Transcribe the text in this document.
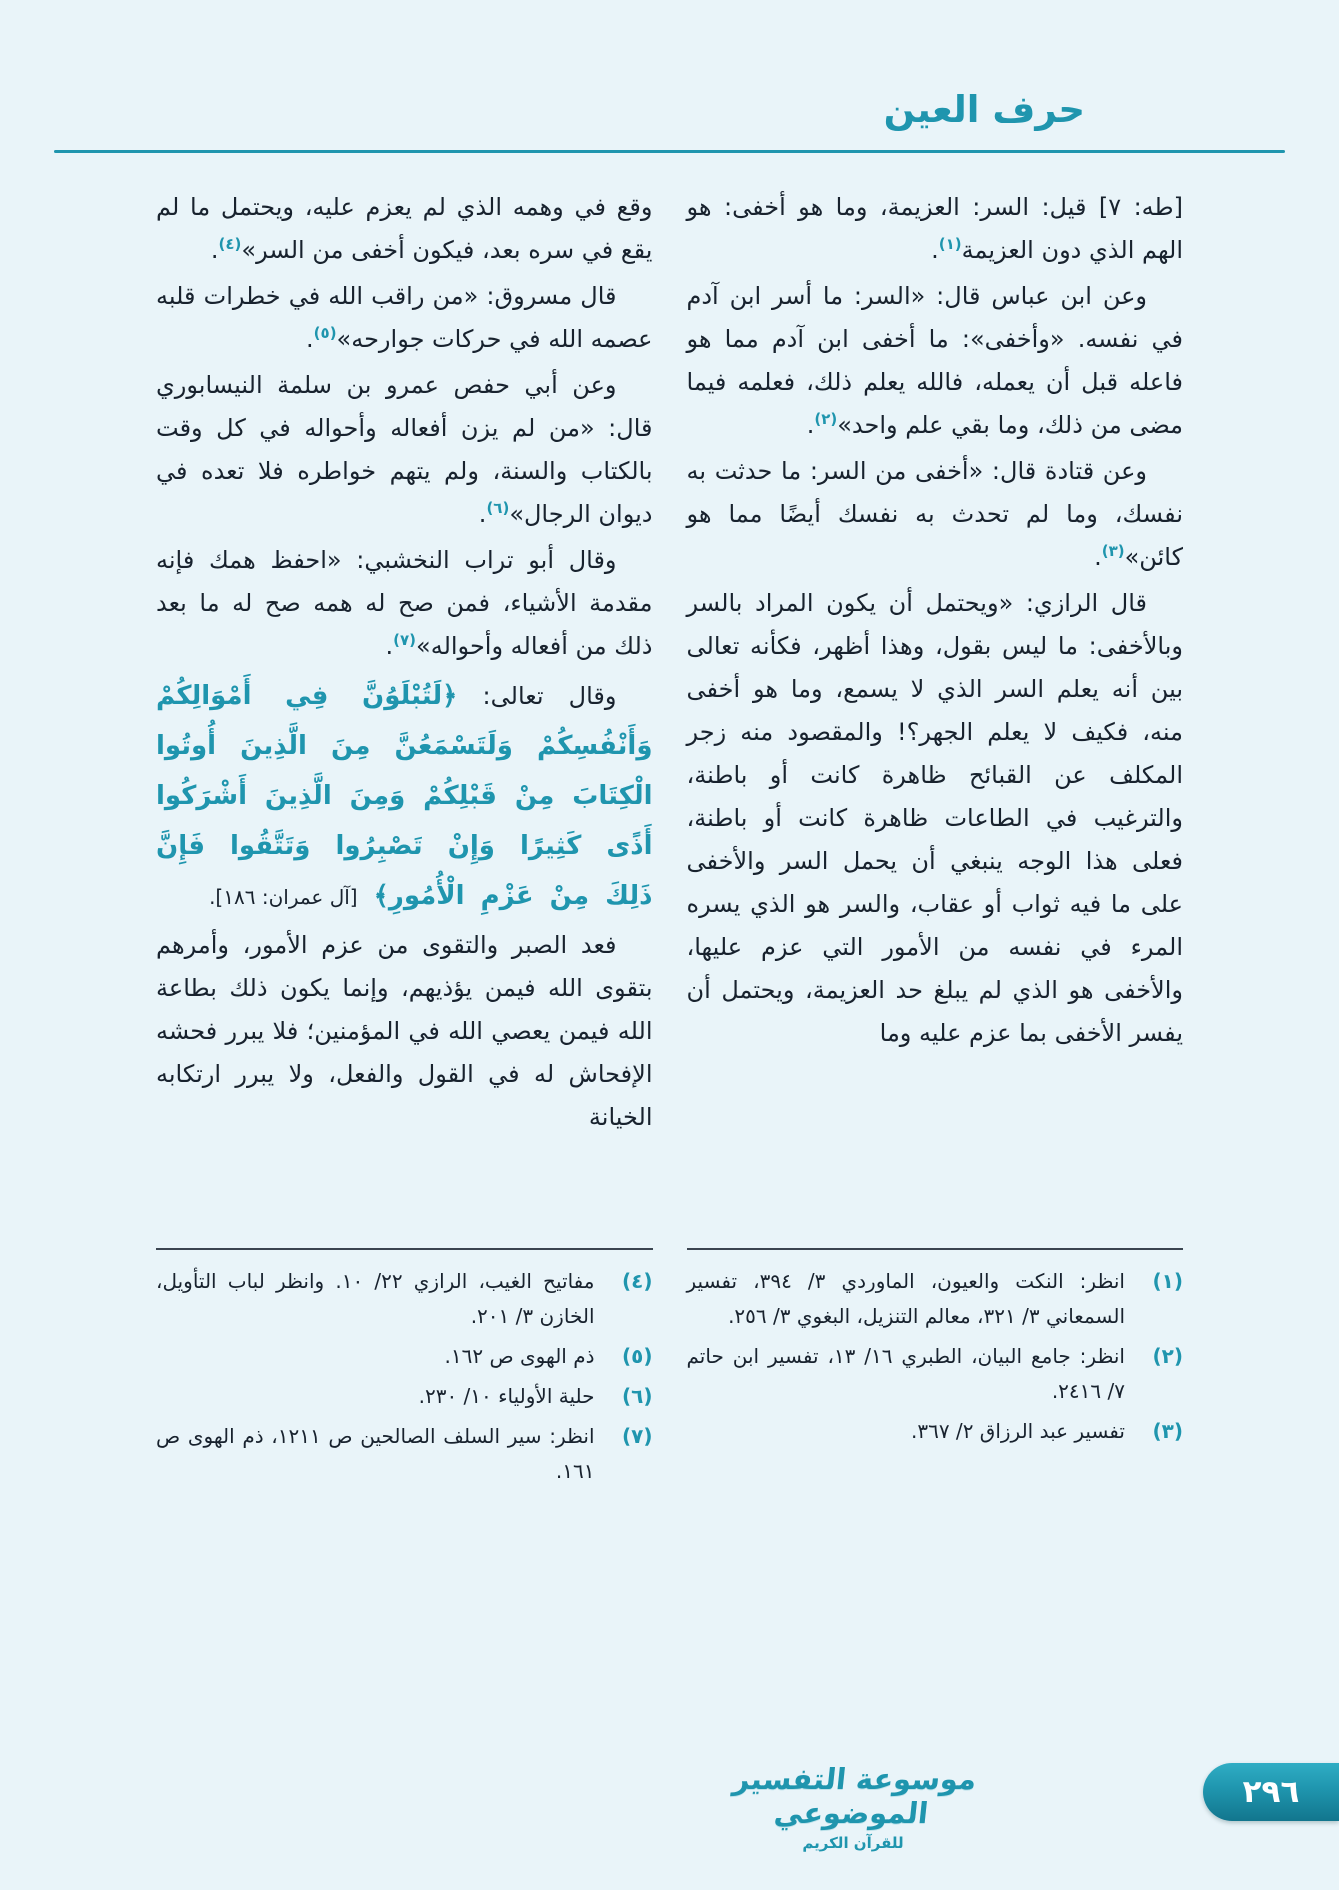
حرف العين

[طه: ٧] قيل: السر: العزيمة، وما هو أخفى: هو الهم الذي دون العزيمة$^{(١)}$.

وعن ابن عباس قال: «السر: ما أسر ابن آدم في نفسه. «وأخفى»: ما أخفى ابن آدم مما هو فاعله قبل أن يعمله، فالله يعلم ذلك، فعلمه فيما مضى من ذلك، وما بقي علم واحد»$^{(٢)}$.

وعن قتادة قال: «أخفى من السر: ما حدثت به نفسك، وما لم تحدث به نفسك أيضًا مما هو كائن»$^{(٣)}$.

قال الرازي: «ويحتمل أن يكون المراد بالسر وبالأخفى: ما ليس بقول، وهذا أظهر، فكأنه تعالى بين أنه يعلم السر الذي لا يسمع، وما هو أخفى منه، فكيف لا يعلم الجهر؟! والمقصود منه زجر المكلف عن القبائح ظاهرة كانت أو باطنة، والترغيب في الطاعات ظاهرة كانت أو باطنة، فعلى هذا الوجه ينبغي أن يحمل السر والأخفى على ما فيه ثواب أو عقاب، والسر هو الذي يسره المرء في نفسه من الأمور التي عزم عليها، والأخفى هو الذي لم يبلغ حد العزيمة، ويحتمل أن يفسر الأخفى بما عزم عليه وما

وقع في وهمه الذي لم يعزم عليه، ويحتمل ما لم يقع في سره بعد، فيكون أخفى من السر»$^{(٤)}$.

قال مسروق: «من راقب الله في خطرات قلبه عصمه الله في حركات جوارحه»$^{(٥)}$.

وعن أبي حفص عمرو بن سلمة النيسابوري قال: «من لم يزن أفعاله وأحواله في كل وقت بالكتاب والسنة، ولم يتهم خواطره فلا تعده في ديوان الرجال»$^{(٦)}$.

وقال أبو تراب النخشبي: «احفظ همك فإنه مقدمة الأشياء، فمن صح له همه صح له ما بعد ذلك من أفعاله وأحواله»$^{(٧)}$.

وقال تعالى: ﴿لَتُبْلَوُنَّ فِي أَمْوَالِكُمْ وَأَنْفُسِكُمْ وَلَتَسْمَعُنَّ مِنَ الَّذِينَ أُوتُوا الْكِتَابَ مِنْ قَبْلِكُمْ وَمِنَ الَّذِينَ أَشْرَكُوا أَذًى كَثِيرًا وَإِنْ تَصْبِرُوا وَتَتَّقُوا فَإِنَّ ذَلِكَ مِنْ عَزْمِ الْأُمُورِ﴾ [آل عمران: ١٨٦].

فعد الصبر والتقوى من عزم الأمور، وأمرهم بتقوى الله فيمن يؤذيهم، وإنما يكون ذلك بطاعة الله فيمن يعصي الله في المؤمنين؛ فلا يبرر فحشه الإفحاش له في القول والفعل، ولا يبرر ارتكابه الخيانة

(١)
انظر: النكت والعيون، الماوردي ٣/ ٣٩٤، تفسير السمعاني ٣/ ٣٢١، معالم التنزيل، البغوي ٣/ ٢٥٦.
(٢)
انظر: جامع البيان، الطبري ١٦/ ١٣، تفسير ابن حاتم ٧/ ٢٤١٦.
(٣)
تفسير عبد الرزاق ٢/ ٣٦٧.
(٤)
مفاتيح الغيب، الرازي ٢٢/ ١٠. وانظر لباب التأويل، الخازن ٣/ ٢٠١.
(٥)
ذم الهوى ص ١٦٢.
(٦)
حلية الأولياء ١٠/ ٢٣٠.
(٧)
انظر: سير السلف الصالحين ص ١٢١١، ذم الهوى ص ١٦١.
موسوعة التفسير الموضوعي
للقرآن الكريم
٢٩٦
